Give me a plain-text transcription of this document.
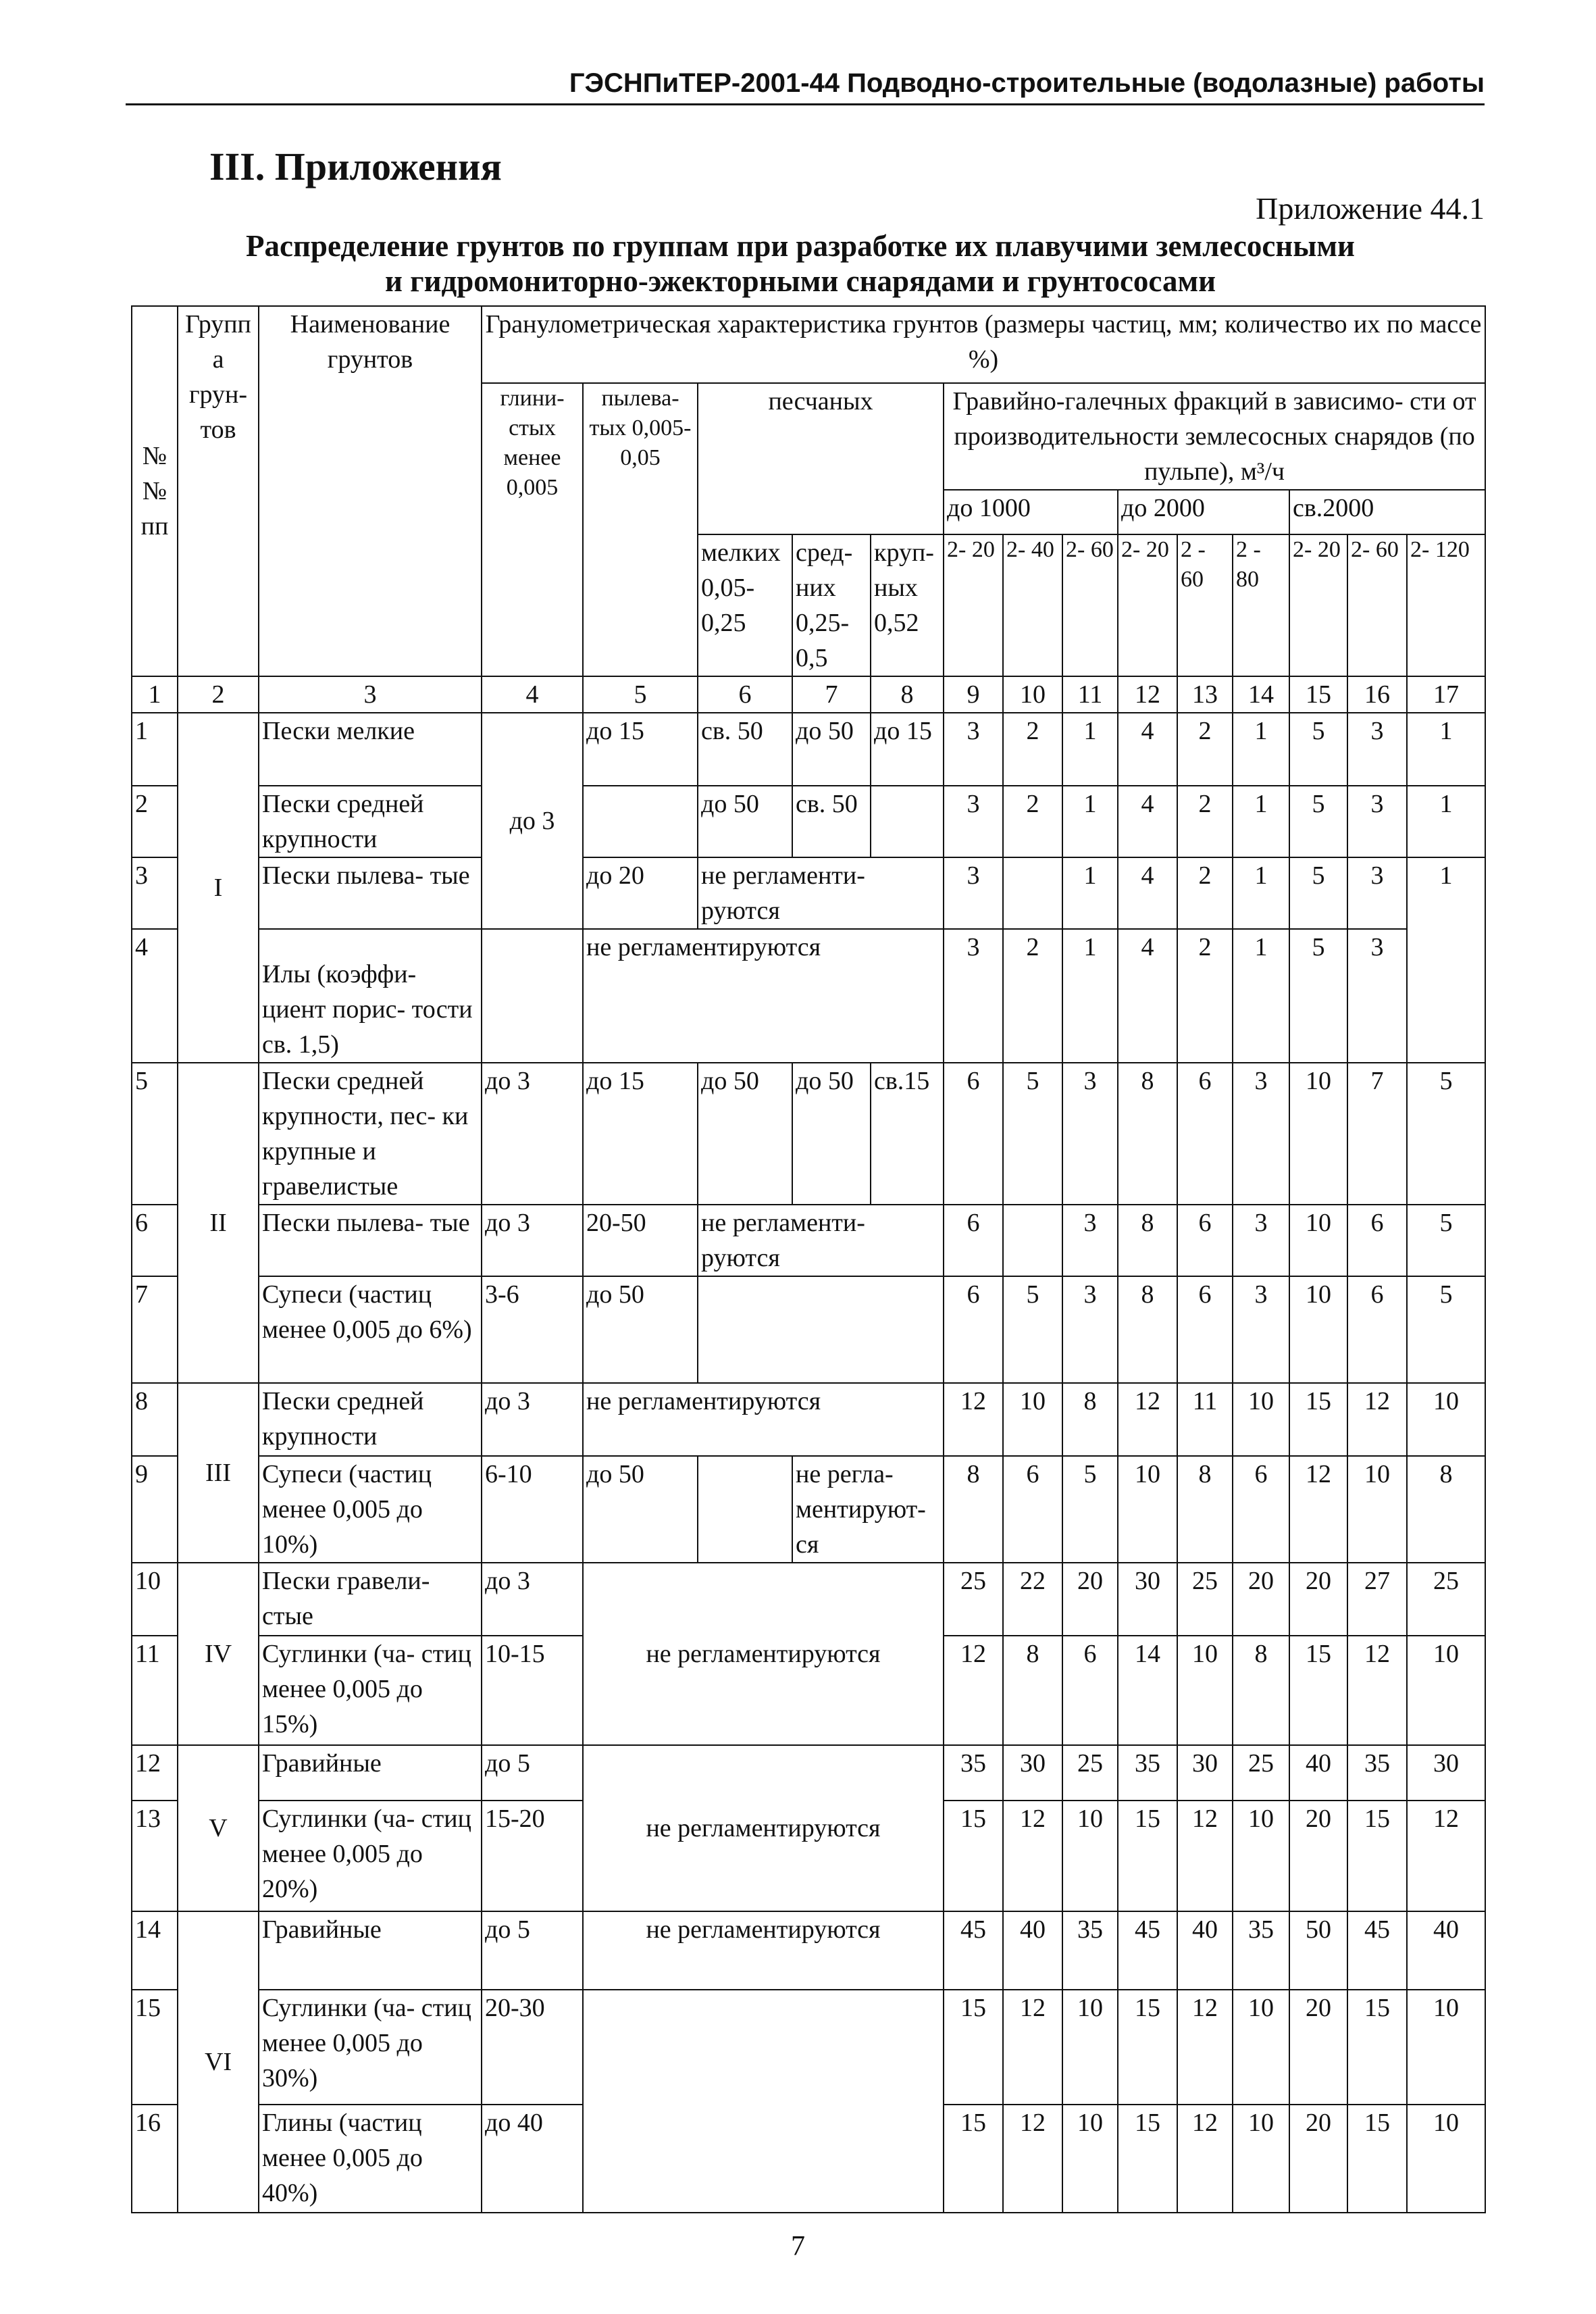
ГЭСНПиТЕР-2001-44 Подводно-строительные (водолазные) работы
III. Приложения
Приложение 44.1
Распределение грунтов по группам при разработке их плавучими землесосными
и гидромониторно-эжекторными снарядами и грунтососами
№ № пп	Группа грун- тов	Наименование грунтов	Гранулометрическая характеристика грунтов (размеры частиц, мм; количество их по массе %)													
			глини- стых менее 0,005	пылева- тых 0,005- 0,05	песчаных			Гравийно-галечных фракций в зависимо- сти от производительности землесосных снарядов (по пульпе), м³/ч								
								до 1000			до 2000			св.2000		
					мелких 0,05- 0,25	сред- них 0,25- 0,5	круп- ных 0,52	2- 20	2- 40	2- 60	2- 20	2 - 60	2 - 80	2- 20	2- 60	2- 120
1	2	3	4	5	6	7	8	9	10	11	12	13	14	15	16	17
1	I	Пески мелкие	до 3	до 15	св. 50	до 50	до 15	3	2	1	4	2	1	5	3	1
2		Пески средней крупности			до 50	св. 50		3	2	1	4	2	1	5	3	1
3		Пески пылева- тые		до 20	не регламенти- руются			3		1	4	2	1	5	3	1
4		Илы (коэффи- циент порис- тости св. 1,5)		не регламентируются				3	2	1	4	2	1	5	3	
5	II	Пески средней крупности, пес- ки крупные и гравелистые	до 3	до 15	до 50	до 50	св.15	6	5	3	8	6	3	10	7	5
6		Пески пылева- тые	до 3	20-50	не регламенти- руются			6		3	8	6	3	10	6	5
7		Супеси (частиц менее 0,005 до 6%)	3-6	до 50				6	5	3	8	6	3	10	6	5
8	III	Пески средней крупности	до 3	не регламентируются				12	10	8	12	11	10	15	12	10
9		Супеси (частиц менее 0,005 до 10%)	6-10	до 50		не регла- ментируют- ся		8	6	5	10	8	6	12	10	8
10	IV	Пески гравели- стые	до 3	не регламентируются				25	22	20	30	25	20	20	27	25
11		Суглинки (ча- стиц менее 0,005 до 15%)	10-15					12	8	6	14	10	8	15	12	10
12	V	Гравийные	до 5	не регламентируются				35	30	25	35	30	25	40	35	30
13		Суглинки (ча- стиц менее 0,005 до 20%)	15-20					15	12	10	15	12	10	20	15	12
14	VI	Гравийные	до 5	не регламентируются				45	40	35	45	40	35	50	45	40
15		Суглинки (ча- стиц менее 0,005 до 30%)	20-30					15	12	10	15	12	10	20	15	10
16		Глины (частиц менее 0,005 до 40%)	до 40					15	12	10	15	12	10	20	15	10
7
